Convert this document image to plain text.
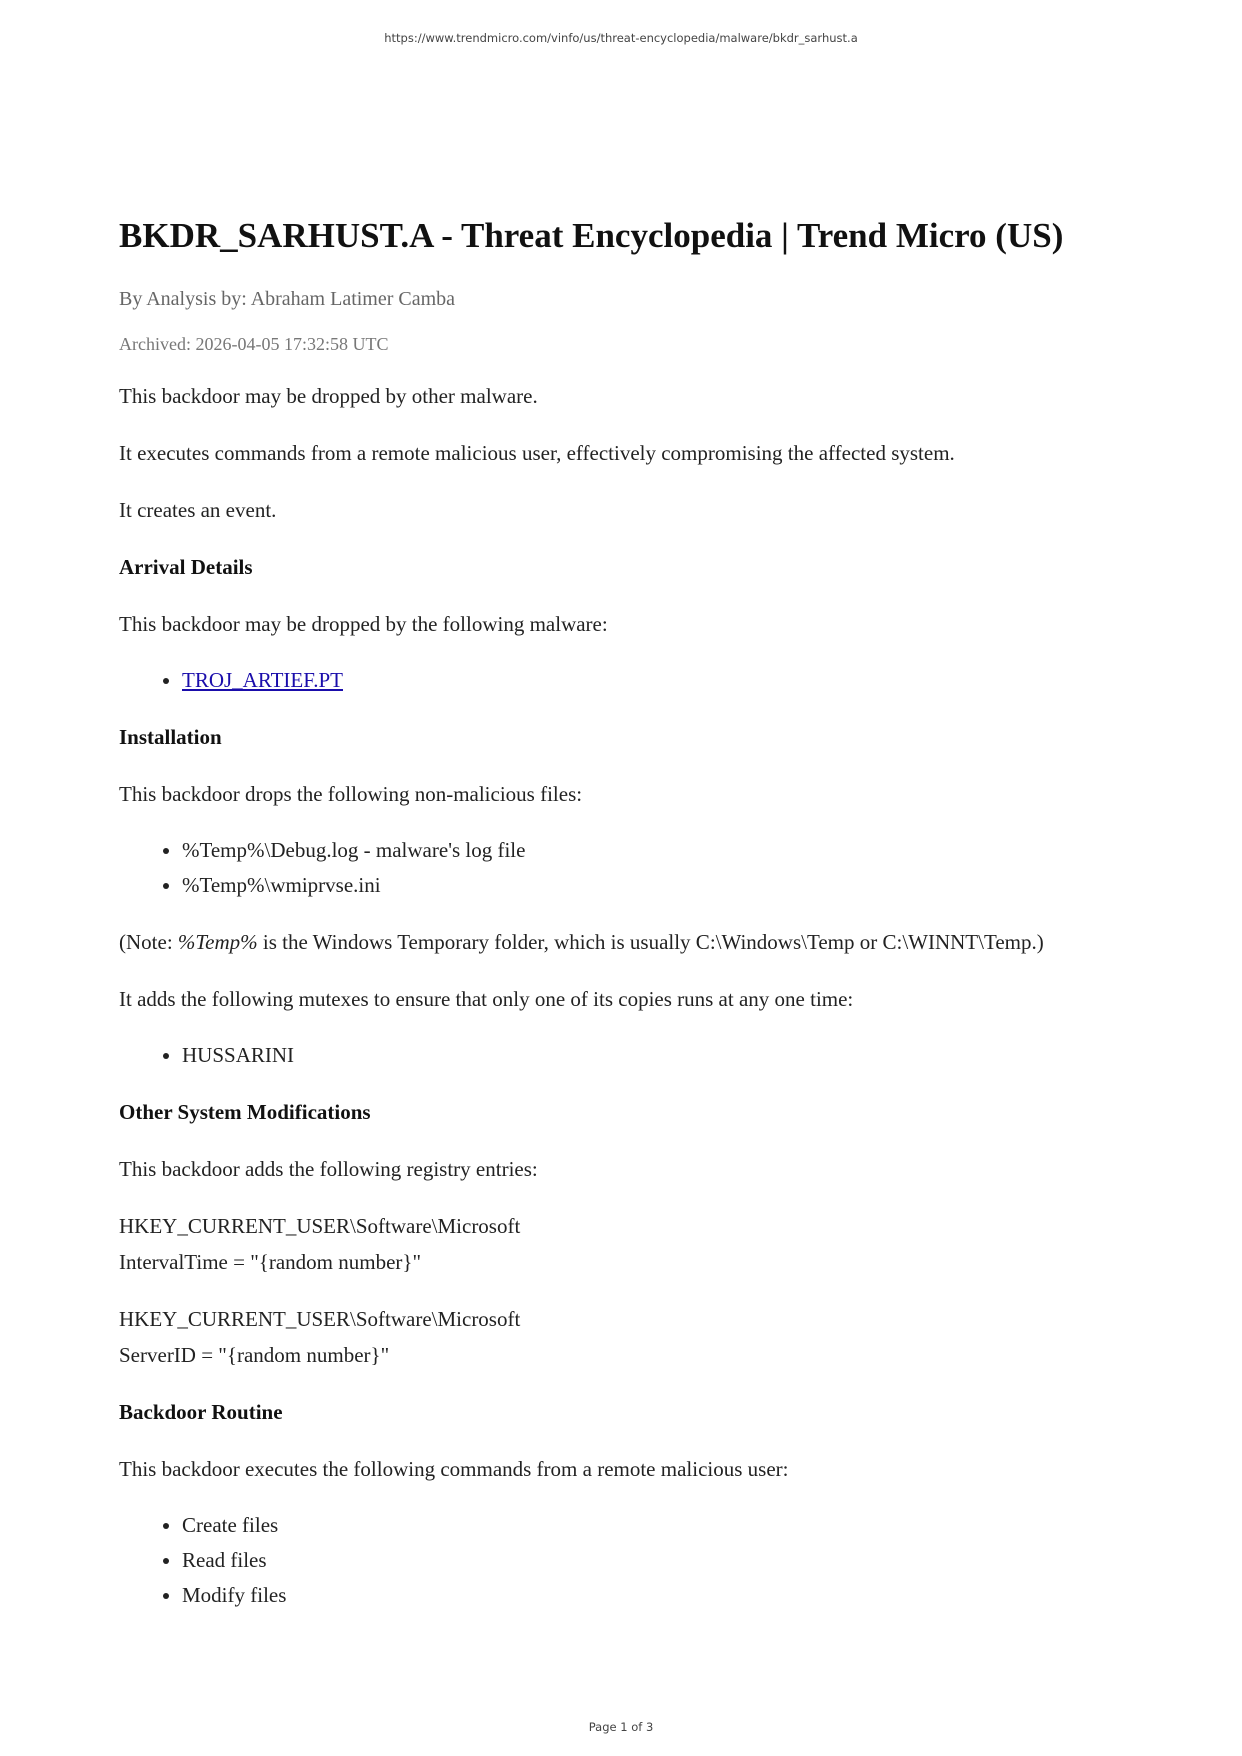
https://www.trendmicro.com/vinfo/us/threat-encyclopedia/malware/bkdr_sarhust.a
BKDR_SARHUST.A - Threat Encyclopedia | Trend Micro (US)
By Analysis by: Abraham Latimer Camba
Archived: 2026-04-05 17:32:58 UTC

This backdoor may be dropped by other malware.

It executes commands from a remote malicious user, effectively compromising the affected system.

It creates an event.

Arrival Details

This backdoor may be dropped by the following malware:

• TROJ_ARTIEF.PT
Installation

This backdoor drops the following non-malicious files:

• %Temp%\Debug.log - malware's log file
• %Temp%\wmiprvse.ini

(Note: %Temp% is the Windows Temporary folder, which is usually C:\Windows\Temp or C:\WINNT\Temp.)

It adds the following mutexes to ensure that only one of its copies runs at any one time:

• HUSSARINI
Other System Modifications

This backdoor adds the following registry entries:

HKEY_CURRENT_USER\Software\Microsoft
IntervalTime = "{random number}"
HKEY_CURRENT_USER\Software\Microsoft
ServerID = "{random number}"
Backdoor Routine

This backdoor executes the following commands from a remote malicious user:

• Create files
• Read files
• Modify files
Page 1 of 3
